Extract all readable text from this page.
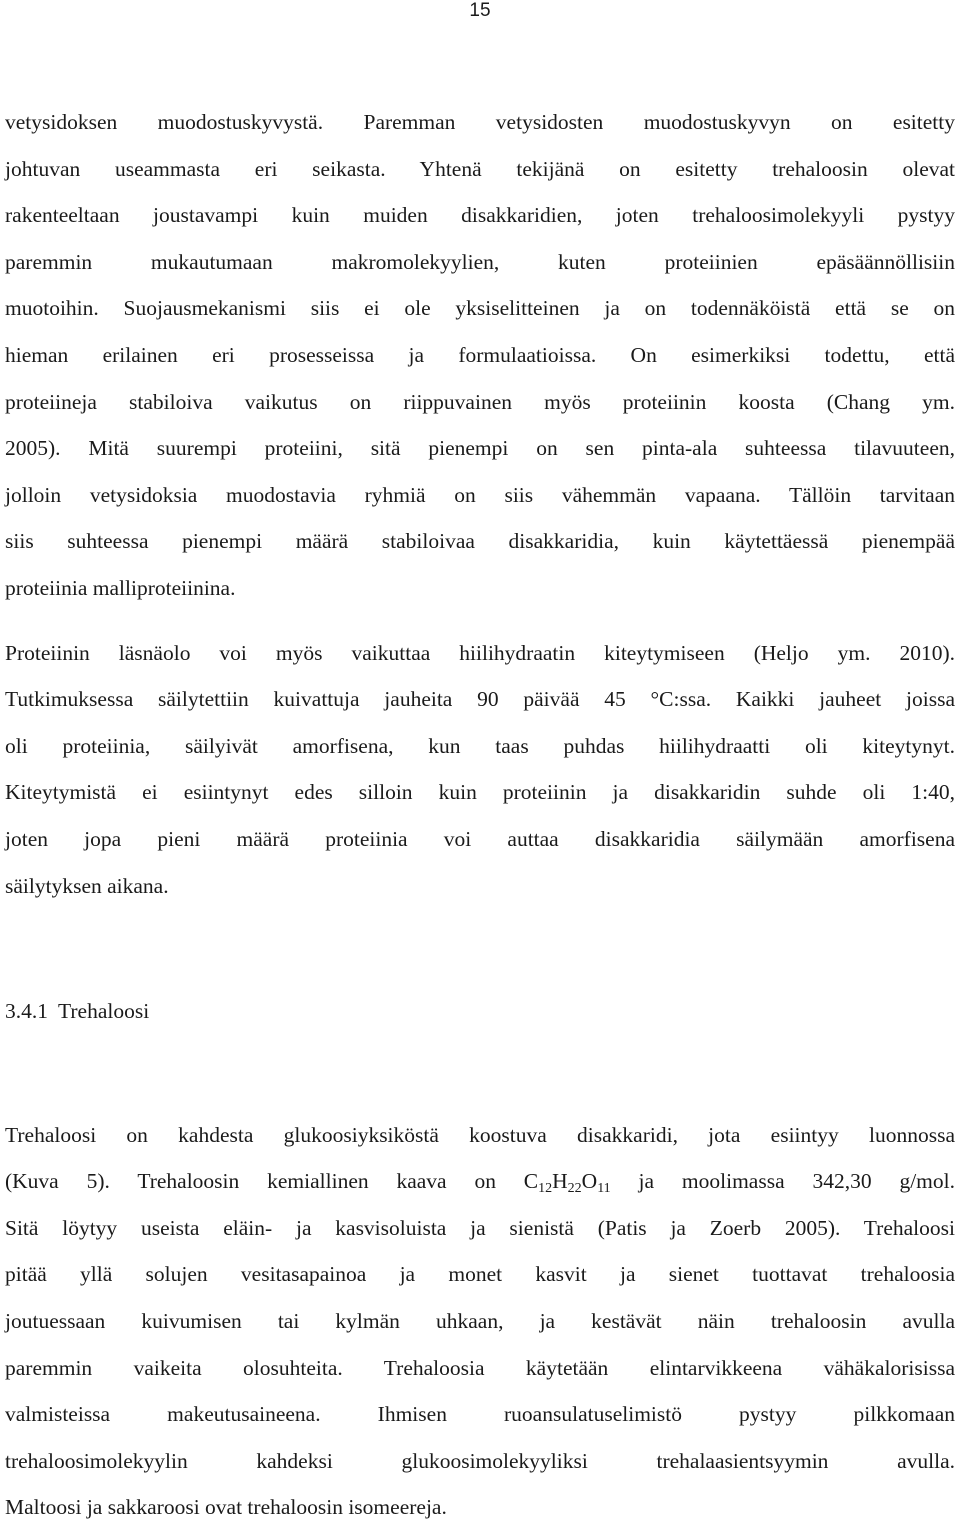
15

vetysidoksen muodostuskyvystä. Paremman vetysidosten muodostuskyvyn on esitetty
johtuvan useammasta eri seikasta. Yhtenä tekijänä on esitetty trehaloosin olevat
rakenteeltaan joustavampi kuin muiden disakkaridien, joten trehaloosimolekyyli pystyy
paremmin mukautumaan makromolekyylien, kuten proteiinien epäsäännöllisiin
muotoihin. Suojausmekanismi siis ei ole yksiselitteinen ja on todennäköistä että se on
hieman erilainen eri prosesseissa ja formulaatioissa. On esimerkiksi todettu, että
proteiineja stabiloiva vaikutus on riippuvainen myös proteiinin koosta (Chang ym.
2005). Mitä suurempi proteiini, sitä pienempi on sen pinta-ala suhteessa tilavuuteen,
jolloin vetysidoksia muodostavia ryhmiä on siis vähemmän vapaana. Tällöin tarvitaan
siis suhteessa pienempi määrä stabiloivaa disakkaridia, kuin käytettäessä pienempää
proteiinia malliproteiinina.

Proteiinin läsnäolo voi myös vaikuttaa hiilihydraatin kiteytymiseen (Heljo ym. 2010).
Tutkimuksessa säilytettiin kuivattuja jauheita 90 päivää 45 °C:ssa. Kaikki jauheet joissa
oli proteiinia, säilyivät amorfisena, kun taas puhdas hiilihydraatti oli kiteytynyt.
Kiteytymistä ei esiintynyt edes silloin kuin proteiinin ja disakkaridin suhde oli 1:40,
joten jopa pieni määrä proteiinia voi auttaa disakkaridia säilymään amorfisena
säilytyksen aikana.

3.4.1 Trehaloosi

Trehaloosi on kahdesta glukoosiyksiköstä koostuva disakkaridi, jota esiintyy luonnossa
(Kuva 5). Trehaloosin kemiallinen kaava on $C_{12}H_{22}O_{11}$ ja moolimassa 342,30 g/mol.
Sitä löytyy useista eläin- ja kasvisoluista ja sienistä (Patis ja Zoerb 2005). Trehaloosi
pitää yllä solujen vesitasapainoa ja monet kasvit ja sienet tuottavat trehaloosia
joutuessaan kuivumisen tai kylmän uhkaan, ja kestävät näin trehaloosin avulla
paremmin vaikeita olosuhteita. Trehaloosia käytetään elintarvikkeena vähäkalorisissa
valmisteissa makeutusaineena. Ihmisen ruoansulatuselimistö pystyy pilkkomaan
trehaloosimolekyylin kahdeksi glukoosimolekyyliksi trehalaasientsyymin avulla.
Maltoosi ja sakkaroosi ovat trehaloosin isomeereja.
